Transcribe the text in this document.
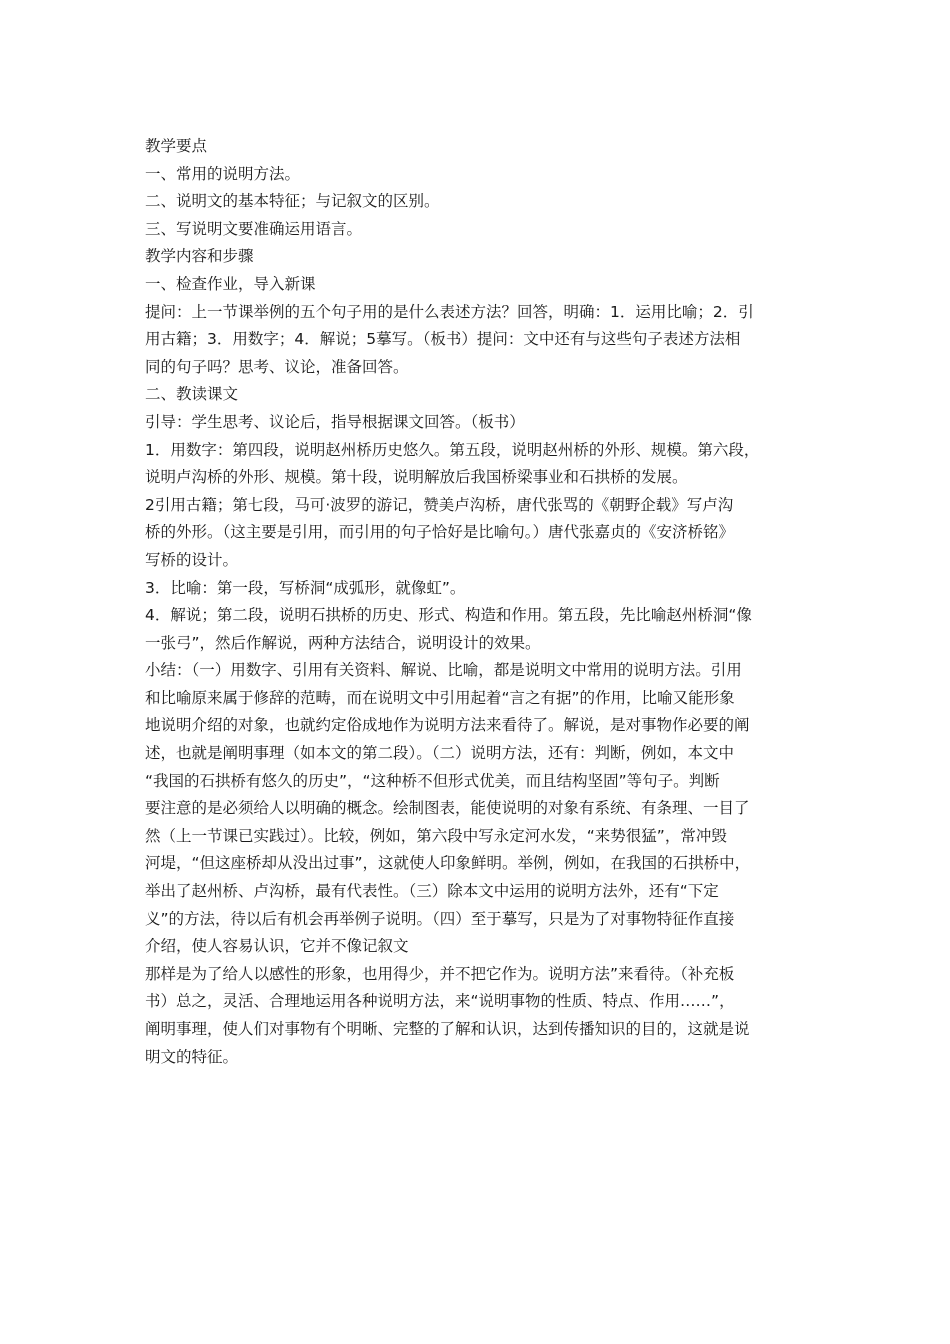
教学要点
一、常用的说明方法。
二、说明文的基本特征；与记叙文的区别。
三、写说明文要准确运用语言。
教学内容和步骤
一、检查作业，导入新课
提问：上一节课举例的五个句子用的是什么表述方法？回答，明确：1．运用比喻；2．引
用古籍；3．用数字；4．解说；5摹写。（板书）提问：文中还有与这些句子表述方法相
同的句子吗？思考、议论，准备回答。
二、教读课文
引导：学生思考、议论后，指导根据课文回答。（板书）
1．用数字：第四段，说明赵州桥历史悠久。第五段，说明赵州桥的外形、规模。第六段，
说明卢沟桥的外形、规模。第十段，说明解放后我国桥梁事业和石拱桥的发展。
2引用古籍；第七段，马可·波罗的游记，赞美卢沟桥，唐代张骂的《朝野企载》写卢沟
桥的外形。（这主要是引用，而引用的句子恰好是比喻句。）唐代张嘉贞的《安济桥铭》
写桥的设计。
3．比喻：第一段，写桥洞“成弧形，就像虹”。
4．解说；第二段，说明石拱桥的历史、形式、构造和作用。第五段，先比喻赵州桥洞“像
一张弓”，然后作解说，两种方法结合，说明设计的效果。
小结：（一）用数字、引用有关资料、解说、比喻，都是说明文中常用的说明方法。引用
和比喻原来属于修辞的范畴，而在说明文中引用起着“言之有据”的作用，比喻又能形象
地说明介绍的对象，也就约定俗成地作为说明方法来看待了。解说，是对事物作必要的阐
述，也就是阐明事理（如本文的第二段）。（二）说明方法，还有：判断，例如，本文中
“我国的石拱桥有悠久的历史”，“这种桥不但形式优美，而且结构坚固”等句子。判断
要注意的是必须给人以明确的概念。绘制图表，能使说明的对象有系统、有条理、一目了
然（上一节课已实践过）。比较，例如，第六段中写永定河水发，“来势很猛”，常冲毁
河堤，“但这座桥却从没出过事”，这就使人印象鲜明。举例，例如，在我国的石拱桥中，
举出了赵州桥、卢沟桥，最有代表性。（三）除本文中运用的说明方法外，还有“下定
义”的方法，待以后有机会再举例子说明。（四）至于摹写，只是为了对事物特征作直接
介绍，使人容易认识，它并不像记叙文
那样是为了给人以感性的形象，也用得少，并不把它作为。说明方法”来看待。（补充板
书）总之，灵活、合理地运用各种说明方法，来“说明事物的性质、特点、作用……”，
阐明事理，使人们对事物有个明晰、完整的了解和认识，达到传播知识的目的，这就是说
明文的特征。
